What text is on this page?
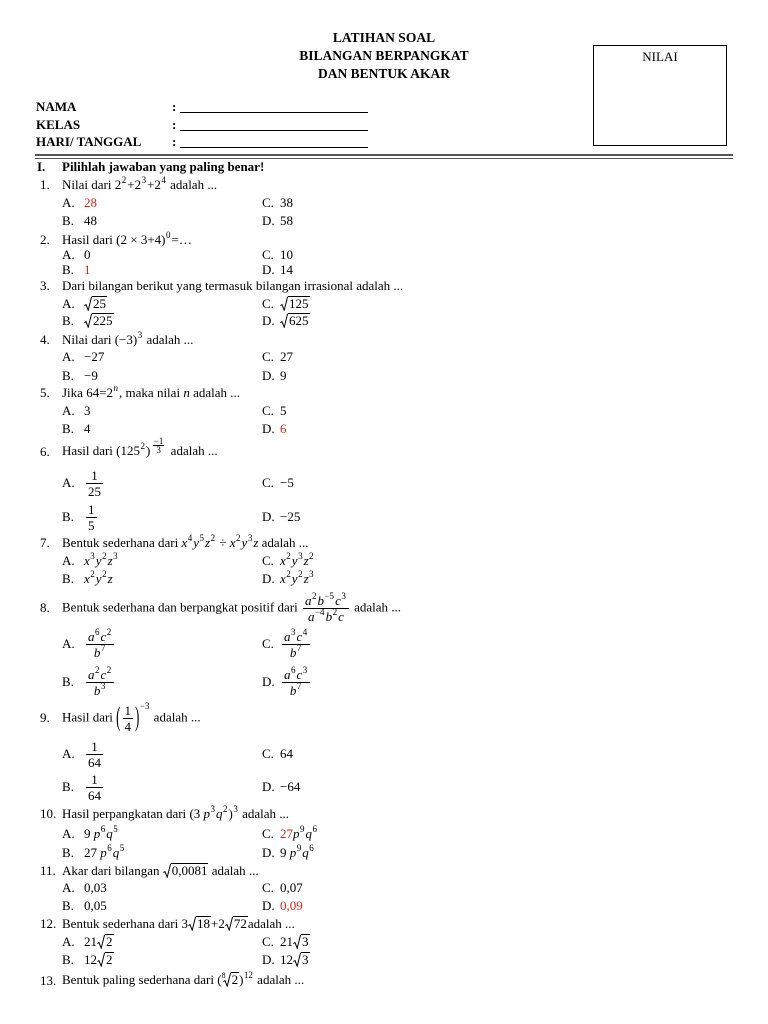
LATIHAN SOAL
BILANGAN BERPANGKAT
DAN BENTUK AKAR
NILAI
NAMA	:
KELAS	:
HARI/ TANGGAL :
I. Pilihlah jawaban yang paling benar!
1. Nilai dari $2^2+2^3+2^4$ adalah ...
A. 28
B. 48
C. 38
D. 58
2. Hasil dari $(2 \times 3+4)^0=\dots$
A. 0
B. 1
C. 10
D. 14
3. Dari bilangan berikut yang termasuk bilangan irrasional adalah ...
A.	25
B.	225
C.	125
D.	625
4. Nilai dari $(-3)^3$ adalah ...
A. −27
B. −9
C. 27
D. 9
5. Jika $64=2^n$, maka nilai n adalah ...
A. 3
B. 4
C. 5
D. 6
6. Hasil dari $(125^2)$ $^{\frac{-1}{3}}$ adalah ...
A. $\frac{1}{25}$
B. $\frac{1}{5}$
C. −5
D. −25
7. Bentuk sederhana dari $x^4y^5z^2 \div x^2y^3z$ adalah ...
A. $x^3y^2z^3$
B. $x^2y^2z$
C. $x^2y^3z^2$
D. $x^2y^2z^3$
8. Bentuk sederhana dan berpangkat positif dari $\frac{a^2b^{-5}c^3}{a^{-4}b^2c}$ adalah ...
A. $\frac{a^6c^2}{b^7}$
B. $\frac{a^2c^2}{b^3}$
C. $\frac{a^3c^4}{b^7}$
D. $\frac{a^6c^3}{b^7}$
9. Hasil dari ( $\frac{1}{4} )^{-3}$ adalah ...
A. $\frac{1}{64}$
B. $\frac{1}{64}$
C. 64
D. −64
10. Hasil perpangkatan dari (3 $p^3q^2)^3$ adalah ...
A. 9 $p^6q^5$
B. 27 $p^6q^5$
C. $27p^9q^6$
D. 9 $p^9q^6$
11. Akar dari bilangan
0,0081 adalah ...
A. 0,03
B. 0,05
C. 0,07
D. 0,09
12. Bentuk sederhana dari 3 18+2 72adalah ...
A. 21 2
B. 12 2
C. 21 3
D. 12 3
13. Bentuk paling sederhana dari ($^8$ 2)$^{12}$ adalah ...
